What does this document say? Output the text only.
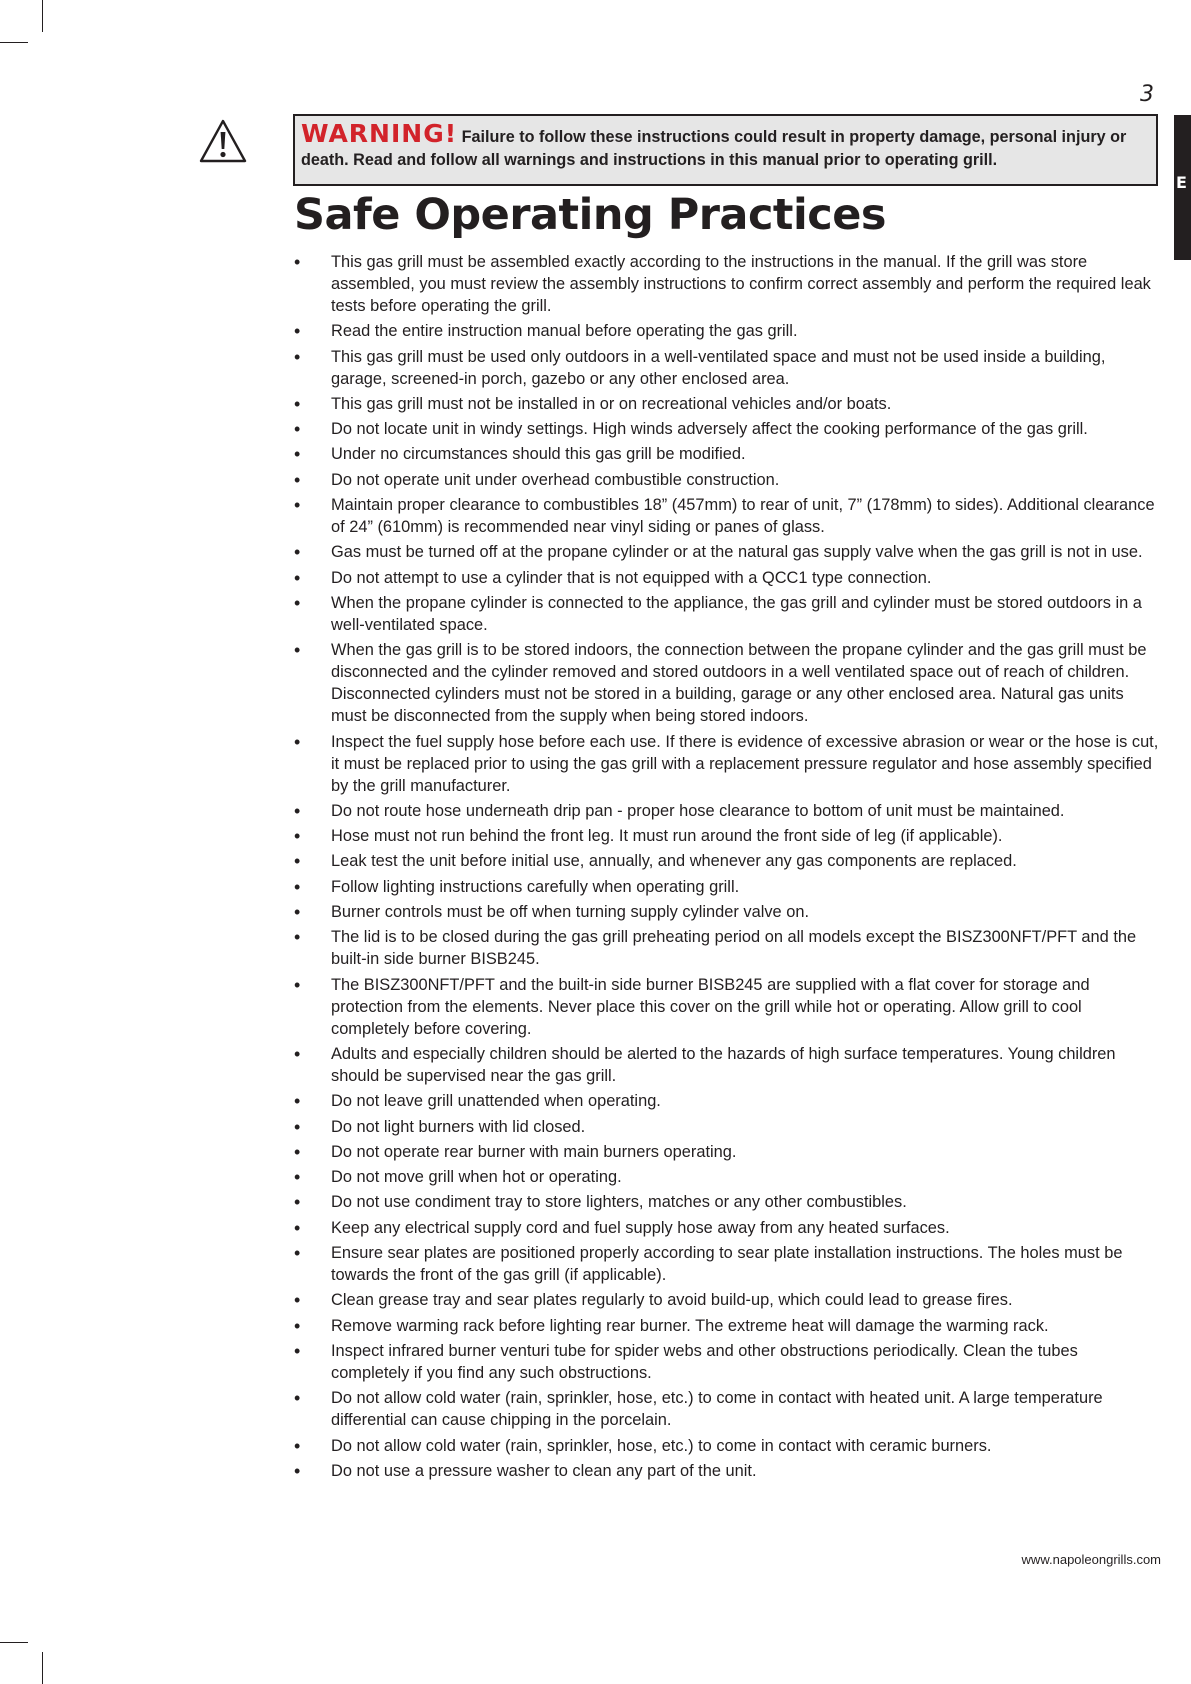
3
E
WARNING! Failure to follow these instructions could result in property damage, personal injury or death. Read and follow all warnings and instructions in this manual prior to operating grill.
Safe Operating Practices
• This gas grill must be assembled exactly according to the instructions in the manual. If the grill was store assembled, you must review the assembly instructions to confirm correct assembly and perform the required leak tests before operating the grill.
• Read the entire instruction manual before operating the gas grill.
• This gas grill must be used only outdoors in a well-ventilated space and must not be used inside a building, garage, screened-in porch, gazebo or any other enclosed area.
• This gas grill must not be installed in or on recreational vehicles and/or boats.
• Do not locate unit in windy settings. High winds adversely affect the cooking performance of the gas grill.
• Under no circumstances should this gas grill be modified.
• Do not operate unit under overhead combustible construction.
• Maintain proper clearance to combustibles 18” (457mm) to rear of unit, 7” (178mm) to sides). Additional clearance of 24” (610mm) is recommended near vinyl siding or panes of glass.
• Gas must be turned off at the propane cylinder or at the natural gas supply valve when the gas grill is not in use.
• Do not attempt to use a cylinder that is not equipped with a QCC1 type connection.
• When the propane cylinder is connected to the appliance, the gas grill and cylinder must be stored outdoors in a well-ventilated space.
• When the gas grill is to be stored indoors, the connection between the propane cylinder and the gas grill must be disconnected and the cylinder removed and stored outdoors in a well ventilated space out of reach of children. Disconnected cylinders must not be stored in a building, garage or any other enclosed area. Natural gas units must be disconnected from the supply when being stored indoors.
• Inspect the fuel supply hose before each use. If there is evidence of excessive abrasion or wear or the hose is cut, it must be replaced prior to using the gas grill with a replacement pressure regulator and hose assembly specified by the grill manufacturer.
• Do not route hose underneath drip pan - proper hose clearance to bottom of unit must be maintained.
• Hose must not run behind the front leg. It must run around the front side of leg (if applicable).
• Leak test the unit before initial use, annually, and whenever any gas components are replaced.
• Follow lighting instructions carefully when operating grill.
• Burner controls must be off when turning supply cylinder valve on.
• The lid is to be closed during the gas grill preheating period on all models except the BISZ300NFT/PFT and the built-in side burner BISB245.
• The BISZ300NFT/PFT and the built-in side burner BISB245 are supplied with a flat cover for storage and protection from the elements. Never place this cover on the grill while hot or operating. Allow grill to cool completely before covering.
• Adults and especially children should be alerted to the hazards of high surface temperatures. Young children should be supervised near the gas grill.
• Do not leave grill unattended when operating.
• Do not light burners with lid closed.
• Do not operate rear burner with main burners operating.
• Do not move grill when hot or operating.
• Do not use condiment tray to store lighters, matches or any other combustibles.
• Keep any electrical supply cord and fuel supply hose away from any heated surfaces.
• Ensure sear plates are positioned properly according to sear plate installation instructions. The holes must be towards the front of the gas grill (if applicable).
• Clean grease tray and sear plates regularly to avoid build-up, which could lead to grease fires.
• Remove warming rack before lighting rear burner. The extreme heat will damage the warming rack.
• Inspect infrared burner venturi tube for spider webs and other obstructions periodically. Clean the tubes completely if you find any such obstructions.
• Do not allow cold water (rain, sprinkler, hose, etc.) to come in contact with heated unit. A large temperature differential can cause chipping in the porcelain.
• Do not allow cold water (rain, sprinkler, hose, etc.) to come in contact with ceramic burners.
• Do not use a pressure washer to clean any part of the unit.
www.napoleongrills.com
